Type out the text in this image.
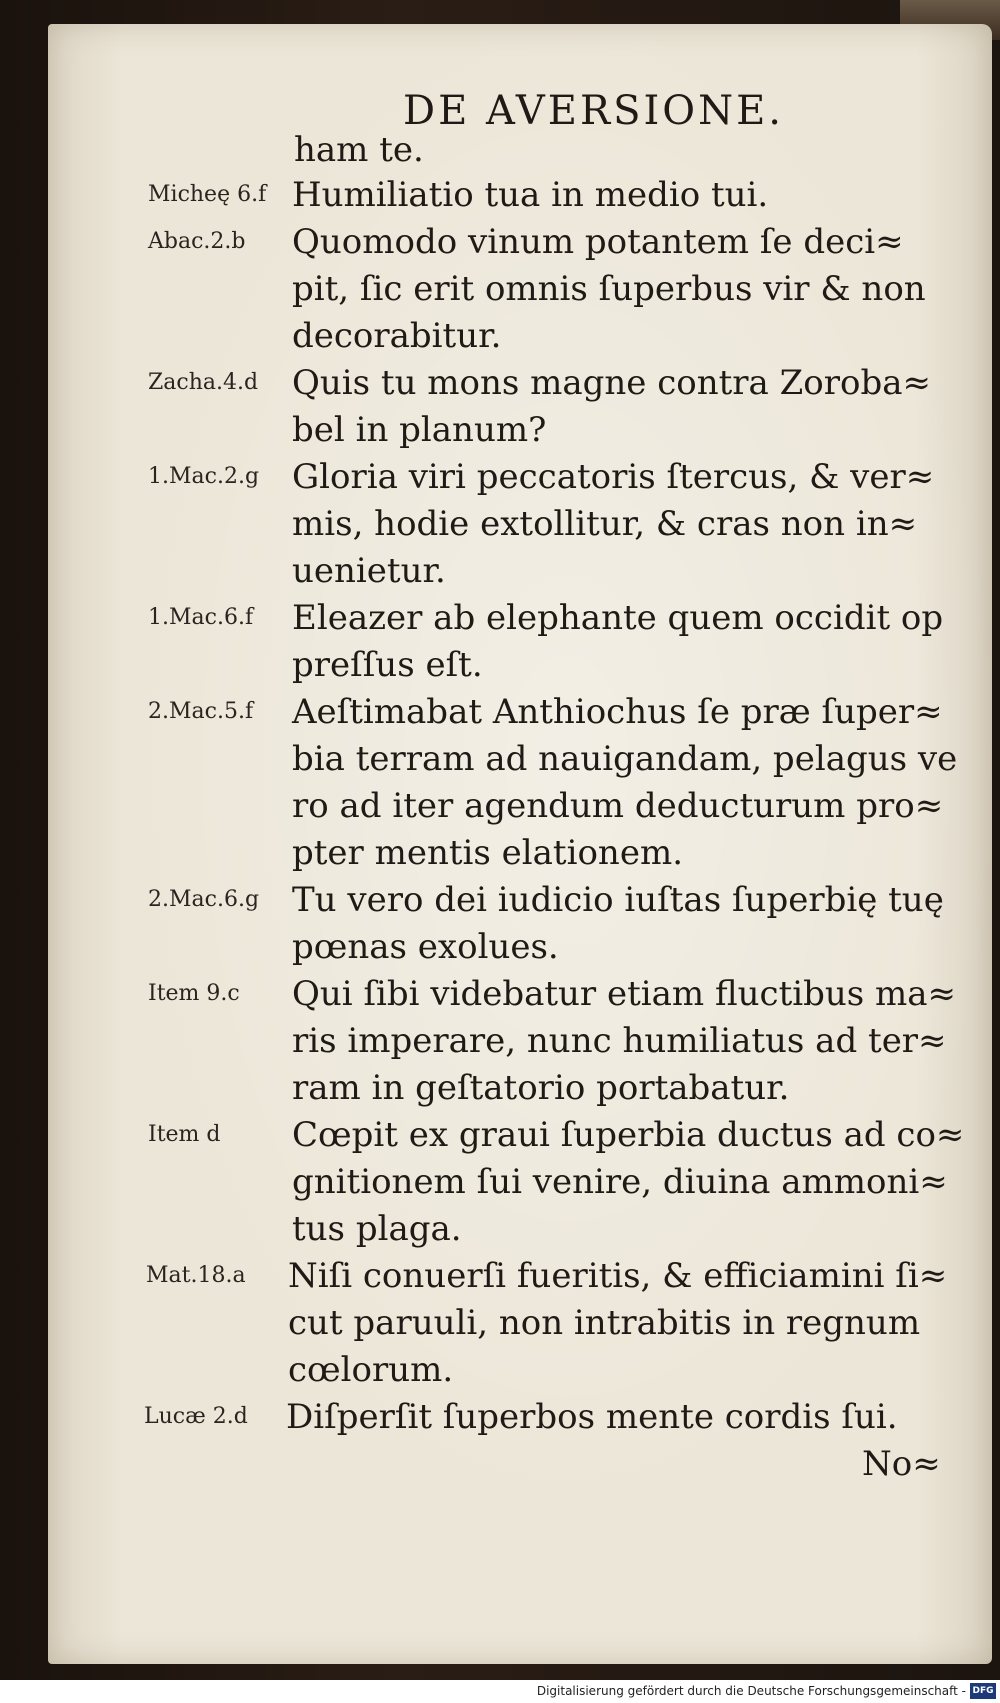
DE AVERSIONE.
ham te.
Micheę 6.f Humiliatio tua in medio tui.
Abac.2.b Quomodo vinum potantem ſe deci≈
pit, ſic erit omnis ſuperbus vir & non
decorabitur.
Zacha.4.d Quis tu mons magne contra Zoroba≈
bel in planum?
1.Mac.2.g Gloria viri peccatoris ſtercus, & ver≈
mis, hodie extollitur, & cras non in≈
uenietur.
1.Mac.6.f Eleazer ab elephante quem occidit op
preſſus eſt.
2.Mac.5.f Aeſtimabat Anthiochus ſe præ ſuper≈
bia terram ad nauigandam, pelagus ve
ro ad iter agendum deducturum pro≈
pter mentis elationem.
2.Mac.6.g Tu vero dei iudicio iuſtas ſuperbię tuę
pœnas exolues.
Item 9.c Qui ſibi videbatur etiam fluctibus ma≈
ris imperare, nunc humiliatus ad ter≈
ram in geſtatorio portabatur.
Item d Cœpit ex graui ſuperbia ductus ad co≈
gnitionem ſui venire, diuina ammoni≈
tus plaga.
Mat.18.a Niſi conuerſi fueritis, & efficiamini ſi≈
cut paruuli, non intrabitis in regnum
cœlorum.
Lucæ 2.d Diſperſit ſuperbos mente cordis ſui.
No≈
Digitalisierung gefördert durch die Deutsche Forschungsgemeinschaft - DFG
